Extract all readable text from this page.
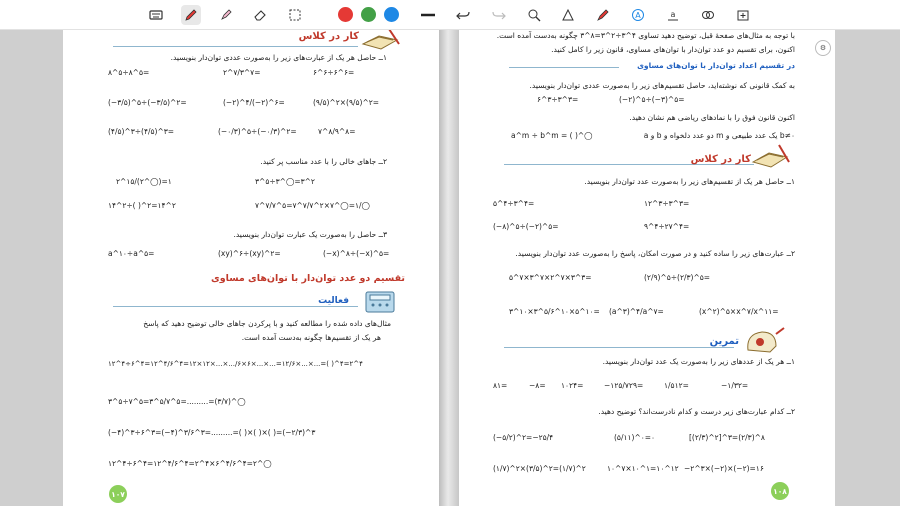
A	a
کار در کلاس
۱ــ حاصل هر یک از عبارت‌های زیر را به‌صورت عددی توان‌دار بنویسید.
۶^۶÷۶^۶=
۲^۷/۳^۷=
۸^۵÷۸^۵=
(۹/۵)^۲×(۹/۵)^۲=
(−۲)^۴/(−۲)^۶=
(−۳/۵)^۵÷(−۳/۵)^۲=
۷^۸/۹^۸=
(−۰/۳)^۵÷(−۰/۳)^۲=
(۴/۵)^۳÷(۴/۵)^۳=
۲ــ جاهای خالی را با عدد مناسب پر کنید.
۳^۵÷۳^◯=۳^۲
۲^۱۵/(۲^◯)=۱
۷^۷/۷^۵=۷^۷/۷^۲×۷^◯=۱/◯
۱۴^۲÷( )^۲=۱۴^۲
۳ــ حاصل را به‌صورت یک عبارت توان‌دار بنویسید.
(−x)^۸÷(−x)^۵=
(xy)^۶÷(xy)^۲=
a^۱۰÷a^۵=
تقسیم دو عدد توان‌دار با توان‌های مساوی
فعالیت
مثال‌های داده شده را مطالعه کنید و با پرکردن جاهای خالی توضیح دهید که پاسخ
هر یک از تقسیم‌ها چگونه به‌دست آمده است.
۱۲^۴÷۶^۴=۱۲^۴/۶^۴=۱۲×۱۲×...×.../۶×۶×...×...=۱۲/۶×...×...=( )^۴=۲^۴
۳^۵÷۷^۵=۳^۵/۷^۵=.........=(۳/۷)^◯
(−۴)^۳÷۶^۳=(−۴)^۳/۶^۳=.........=( )×( )×( )=(−۲/۳)^۳
۱۲^۴÷۶^۴=۱۲^۴/۶^۴=۲^۴×۶^۴/۶^۴=۲^◯
١٠٧
با توجه به مثال‌های صفحهٔ قبل، توضیح دهید تساوی ۴^۳÷۲^۳=۸^۳ چگونه به‌دست آمده است.
اکنون، برای تقسیم دو عدد توان‌دار با توان‌های مساوی، قانون زیر را کامل کنید.
در تقسیم اعداد توان‌دار با توان‌های مساوی
به کمک قانونی که نوشته‌اید، حاصل تقسیم‌های زیر را به‌صورت عددی توان‌دار بنویسید.
(−۲)^۵÷(−۳)^۵=
۶^۳÷۳^۳=
اکنون قانون فوق را با نمادهای ریاضی هم نشان دهید.
a و b دو عدد دلخواه و m یک عدد طبیعی و b≠۰
a^m ÷ b^m = ( )^◯
کار در کلاس
۱ــ حاصل هر یک از تقسیم‌های زیر را به‌صورت عدد توان‌دار بنویسید.
۱۲^۳÷۳^۳=
۵^۴÷۳^۴=
۹^۴÷۲۷^۴=
(−۸)^۵÷(−۲)^۵=
۲ــ عبارت‌های زیر را ساده کنید و در صورت امکان، پاسخ را به‌صورت عدد توان‌دار بنویسید.
(۲/۹)^۵÷(۲/۳)^۵=
۵^۷×۳^۷×۲^۷×۳^۳=
(x^۲)^۵×x^۷/x^۱۱=
(a^۳)^۴/a^۷=
۳^۱۰×۳^۵/۶^۱۰×۵^۱۰=
تمرین
۱ــ هر یک از عددهای زیر را به‌صورت یک عدد توان‌دار بنویسید.
−۱/۳۲=
۱/۵۱۲=
−۱۲۵/۷۲۹=
۱۰۲۴=
−۸=
۸۱=
۲ــ کدام عبارت‌های زیر درست و کدام نادرست‌اند؟ توضیح دهید.
[(۲/۳)^۲]^۳=(۲/۳)^۸
(۵/۱۱)^۰=۰
(−۵/۲)^۲=−۲۵/۴
−۲^۳×(−۲)×(−۲)=۱۶
۱۰^۷×۱۰^۱=۱۰^۱۲
(۱/۷)^۲×(۳/۵)^۲=(۱/۷)^۲
١٠٨
⚙
